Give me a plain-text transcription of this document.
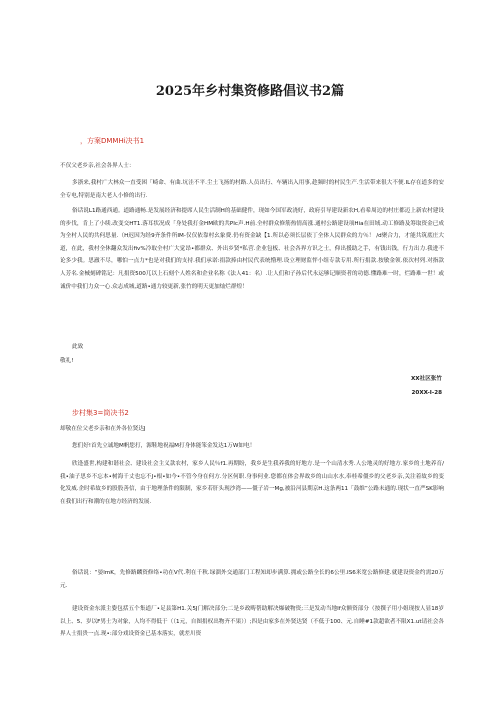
2025年乡村集资修路倡议书2篇
，方案DMMHi决书1
不仅父老乡亲,社会各界人士：

多浙来,我村广大林众一直受困「崎命、有曲.坑洼不平.尘土飞扬的村路.人员出行、车辆出入用事,趁频时的村民生产.生活带来很大不便.IL存在道多的安全专电,特别是南大老人小修的出行.

俗话说L1路通西通。道路通畅.是发展经济和提席人民生活制H的基础健件，现如今国军政浇好，政府引导建设新农H,看希周边的村庄都迈上新农村建设的步伐，肯上了小续.改变交HT1.落耳状况成「身处我打金HM欧的共PIc声.H前.全村群众修筋热情高涨.通村公路建设项Hia在田域.动工修路及筹取资金已成为全村人民的共何思量.（H迟因为经9齐条件所IM-仅仅依靠村幺象费.仍有资金缺【1.所以必须长层依丁全体人民群众的力％！ /d聚合力，才能共筑底庄大道，在此，我村全休翻众发出fiv%冷取全村广大觉昂•都群众、外出乡贤*私营.企业包板、社会各界方识之士，仰出援助之手，有钱出钱，行力出力.我进不论多少我。思澈不尽，哪怕一点力*也是对我们的支持.我们承诺:捐款捧由村民代表统懵理.设立理财监怦小组专款专用.所行捐款.按敏金领.依次村列.对指款人芳名.金械刻碑铭记：凡捐资500兀以上石刻个人姓名和企业名称《法人41：名）.让人们和子孙后代永运够记顺资者的功德.懂路难一时，烂路难一世！或诚价中我们力众一心.众志成城,道路•通力较更新,张竹的明天更加灿烂群煌！

此致
敬礼!
XX社区张竹
20XX-I-28
步村集3=筒决书2
却敬在位父老乡亲和在外各位贤达J

您们好!首先立诚地M帆您打，源鞋地祝福M打身体能笨金发达1万W如电！

欣逢盛世,构建和谐社会、建设社会主义款农村，家乡人民％f1.再期盼，我乡是生我养我的好地方.是一个山清水秀.人公地灵的好地方.家乡的土地养育/我•油子思乡不忘本•树海千丈也忘不J•根•如今•不管今身在何方.分区何职.身事何业.您都在体会界故乡的山山水水,奉桂希僵乡的父老乡亲,关注着故乡的变化发威.企时希故乡的股股善信，由于地理条件的限制，家乡若肝头现沙湾——僵子岩一Mg,被沿河县期京H.这条两11「鼓维”公路未通的.现状一直严SK影响在我们出行和潮的在地方经济的发展.

俗话说：“晏lmK，先修路麟资修络•功在V代.利在千秋.绿溜外交通部门工程知却步满算.拥或公路全长的6公里.IS6米宽公路修建.就建设资金约需20万元.

建设资金东派主姿包括五个集道厂•足县第H1.关5J门解决部分;二是乡政畴帮助解决爆破物资;三是发动当地If众额资部分（按撰子用小姐现按人显18岁以上、5、岁以F男士为对象，人均不得低于（（1元，自图捐权出物齐不果））;四是由家多在外贤达贤（不低于100、元.自睡#1款超欲者不限X1.ut请社会各界人士捐贵一点.现•:部分戏设资金已基本落实，就差川资
